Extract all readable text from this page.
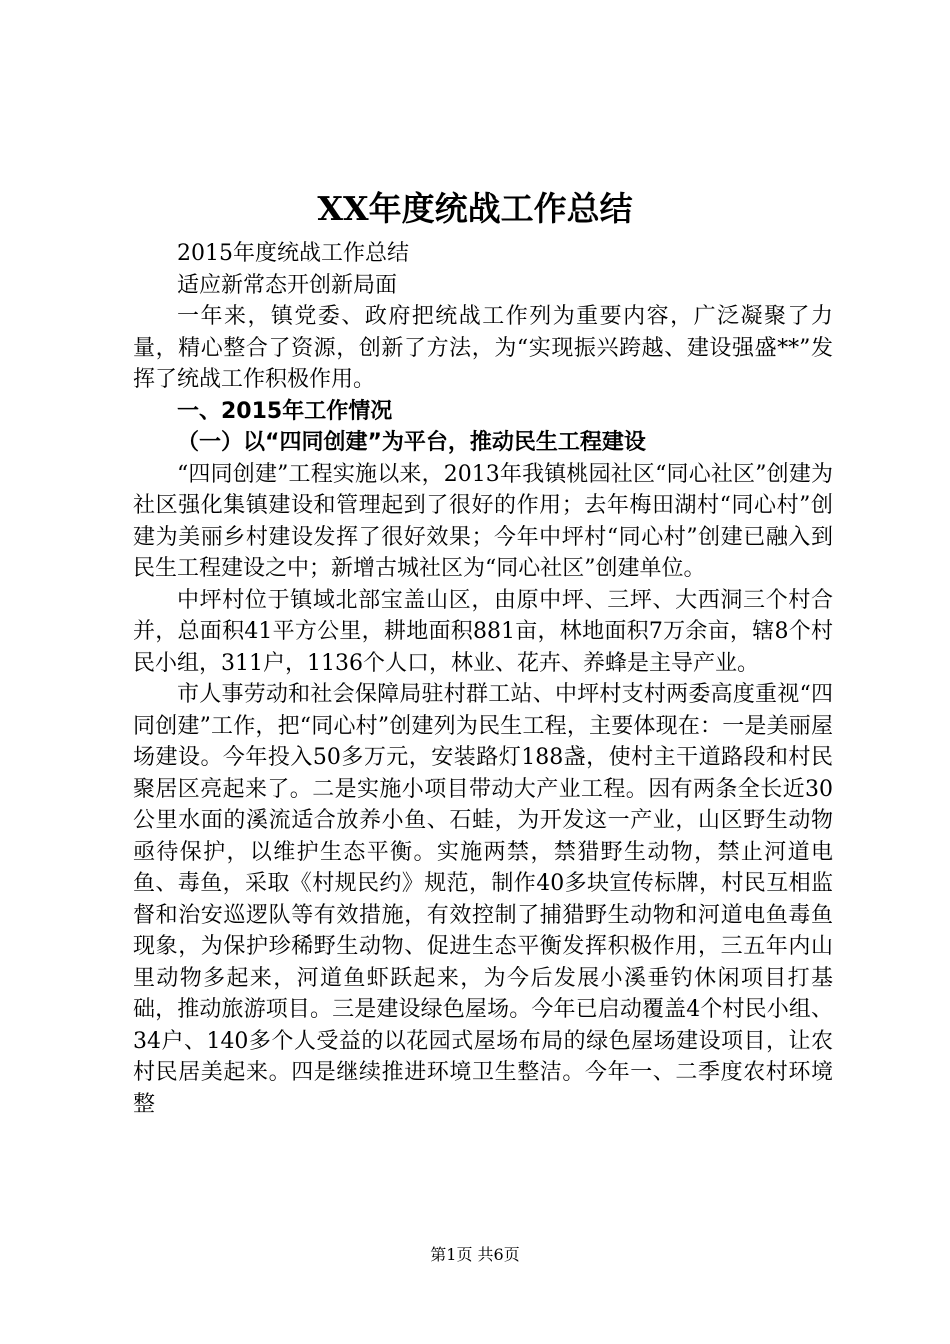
XX年度统战工作总结

2015年度统战工作总结

适应新常态开创新局面

一年来，镇党委、政府把统战工作列为重要内容，广泛凝聚了力量，精心整合了资源，创新了方法，为“实现振兴跨越、建设强盛**”发挥了统战工作积极作用。

一、2015年工作情况

（一）以“四同创建”为平台，推动民生工程建设

“四同创建”工程实施以来，2013年我镇桃园社区“同心社区”创建为社区强化集镇建设和管理起到了很好的作用；去年梅田湖村“同心村”创建为美丽乡村建设发挥了很好效果；今年中坪村“同心村”创建已融入到民生工程建设之中；新增古城社区为“同心社区”创建单位。

中坪村位于镇域北部宝盖山区，由原中坪、三坪、大西洞三个村合并，总面积41平方公里，耕地面积881亩，林地面积7万余亩，辖8个村民小组，311户，1136个人口，林业、花卉、养蜂是主导产业。

市人事劳动和社会保障局驻村群工站、中坪村支村两委高度重视“四同创建”工作，把“同心村”创建列为民生工程，主要体现在：一是美丽屋场建设。今年投入50多万元，安装路灯188盏，使村主干道路段和村民聚居区亮起来了。二是实施小项目带动大产业工程。因有两条全长近30公里水面的溪流适合放养小鱼、石蛙，为开发这一产业，山区野生动物亟待保护，以维护生态平衡。实施两禁，禁猎野生动物，禁止河道电鱼、毒鱼，采取《村规民约》规范，制作40多块宣传标牌，村民互相监督和治安巡逻队等有效措施，有效控制了捕猎野生动物和河道电鱼毒鱼现象，为保护珍稀野生动物、促进生态平衡发挥积极作用，三五年内山里动物多起来，河道鱼虾跃起来，为今后发展小溪垂钓休闲项目打基础，推动旅游项目。三是建设绿色屋场。今年已启动覆盖4个村民小组、34户、140多个人受益的以花园式屋场布局的绿色屋场建设项目，让农村民居美起来。四是继续推进环境卫生整洁。今年一、二季度农村环境整

第1页 共6页
